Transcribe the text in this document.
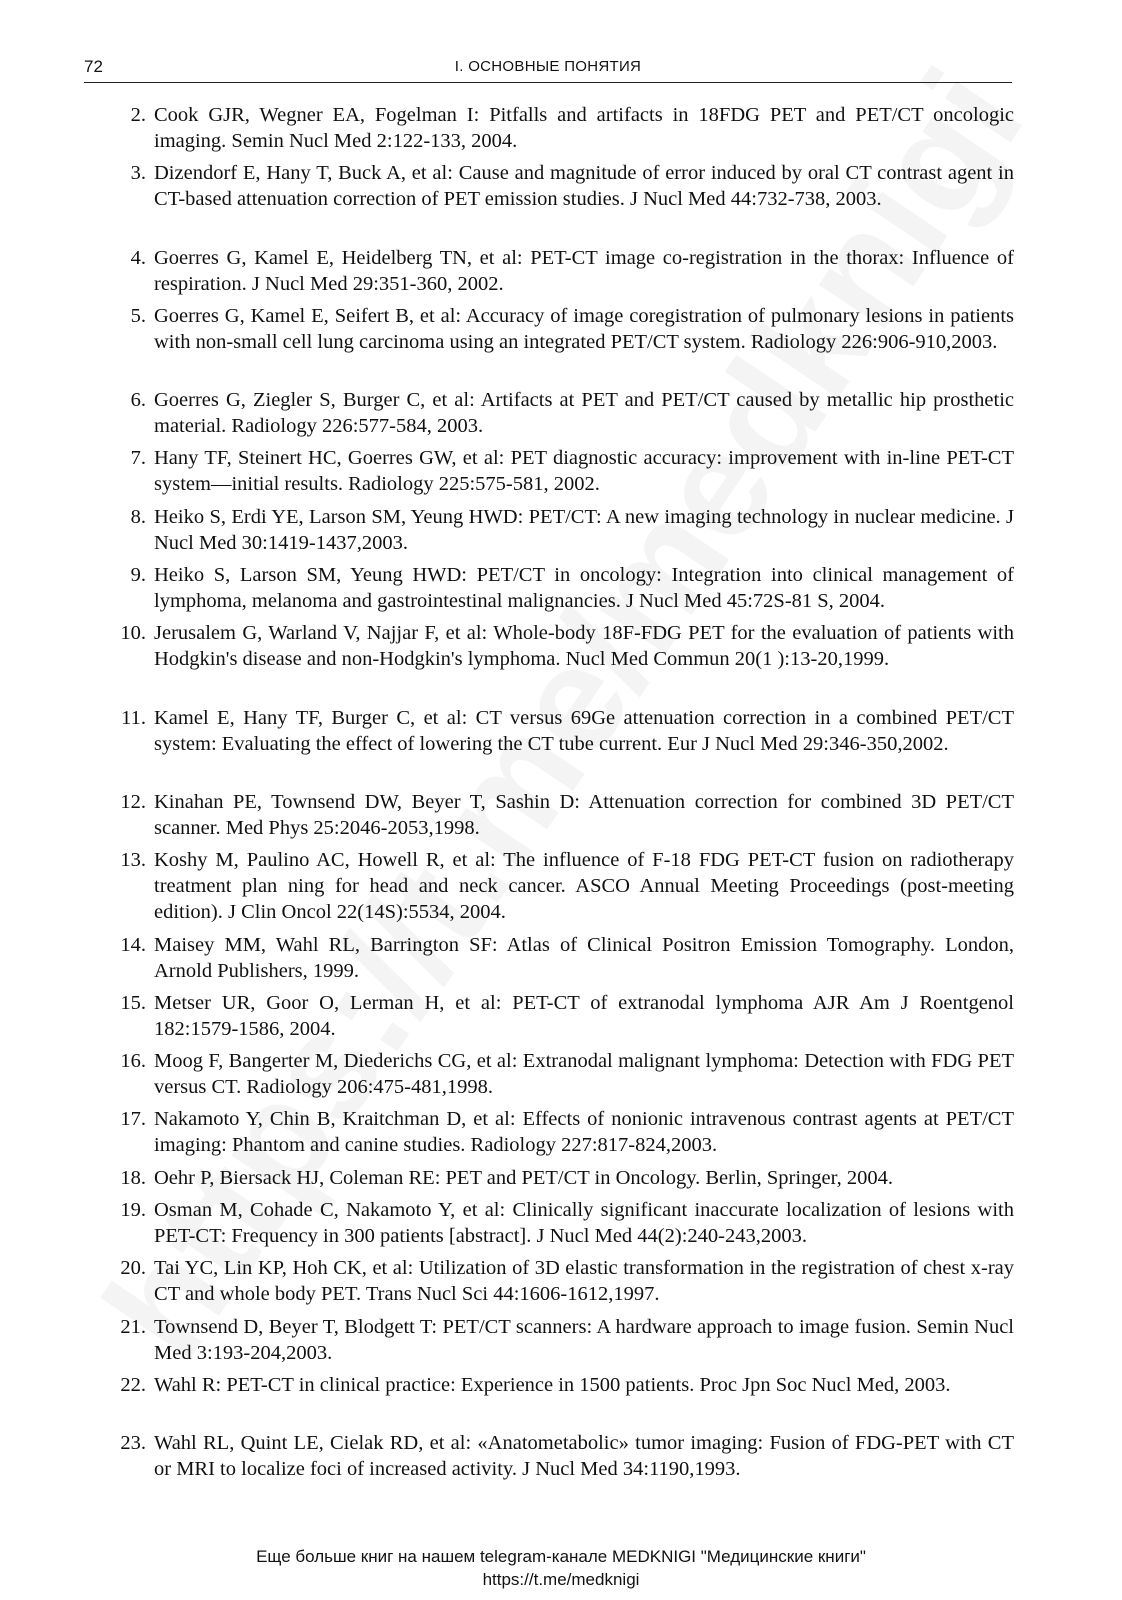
72	I. ОСНОВНЫЕ ПОНЯТИЯ
2. Cook GJR, Wegner EA, Fogelman I: Pitfalls and artifacts in 18FDG PET and PET/CT oncologic imaging. Semin Nucl Med 2:122-133, 2004.
3. Dizendorf E, Hany T, Buck A, et al: Cause and magnitude of error induced by oral CT contrast agent in CT-based attenuation correction of PET emission studies. J Nucl Med 44:732-738, 2003.
4. Goerres G, Kamel E, Heidelberg TN, et al: PET-CT image co-registration in the thorax: Influence of respiration. J Nucl Med 29:351-360, 2002.
5. Goerres G, Kamel E, Seifert B, et al: Accuracy of image coregistration of pulmonary lesions in patients with non-small cell lung carcinoma using an integrated PET/CT system. Radiology 226:906-910,2003.
6. Goerres G, Ziegler S, Burger C, et al: Artifacts at PET and PET/CT caused by metallic hip prosthetic material. Radiology 226:577-584, 2003.
7. Hany TF, Steinert HC, Goerres GW, et al: PET diagnostic accuracy: improvement with in-line PET-CT system—initial results. Radiology 225:575-581, 2002.
8. Heiko S, Erdi YE, Larson SM, Yeung HWD: PET/CT: A new imaging technology in nuclear medicine. J Nucl Med 30:1419-1437,2003.
9. Heiko S, Larson SM, Yeung HWD: PET/CT in oncology: Integration into clinical management of lymphoma, melanoma and gastrointestinal malignancies. J Nucl Med 45:72S-81 S, 2004.
10. Jerusalem G, Warland V, Najjar F, et al: Whole-body 18F-FDG PET for the evaluation of patients with Hodgkin's disease and non-Hodgkin's lymphoma. Nucl Med Commun 20(1 ):13-20,1999.
11. Kamel E, Hany TF, Burger C, et al: CT versus 69Ge attenuation correction in a combined PET/CT system: Evaluating the effect of lowering the CT tube current. Eur J Nucl Med 29:346-350,2002.
12. Kinahan PE, Townsend DW, Beyer T, Sashin D: Attenuation correction for combined 3D PET/CT scanner. Med Phys 25:2046-2053,1998.
13. Koshy M, Paulino AC, Howell R, et al: The influence of F-18 FDG PET-CT fusion on radiotherapy treatment plan ning for head and neck cancer. ASCO Annual Meeting Proceedings (post-meeting edition). J Clin Oncol 22(14S):5534, 2004.
14. Maisey MM, Wahl RL, Barrington SF: Atlas of Clinical Positron Emission Tomography. London, Arnold Publishers, 1999.
15. Metser UR, Goor O, Lerman H, et al: PET-CT of extranodal lymphoma AJR Am J Roentgenol 182:1579-1586, 2004.
16. Moog F, Bangerter M, Diederichs CG, et al: Extranodal malignant lymphoma: Detection with FDG PET versus CT. Radiology 206:475-481,1998.
17. Nakamoto Y, Chin B, Kraitchman D, et al: Effects of nonionic intravenous contrast agents at PET/CT imaging: Phantom and canine studies. Radiology 227:817-824,2003.
18. Oehr P, Biersack HJ, Coleman RE: PET and PET/CT in Oncology. Berlin, Springer, 2004.
19. Osman M, Cohade C, Nakamoto Y, et al: Clinically significant inaccurate localization of lesions with PET-CT: Frequency in 300 patients [abstract]. J Nucl Med 44(2):240-243,2003.
20. Tai YC, Lin KP, Hoh CK, et al: Utilization of 3D elastic transformation in the registration of chest x-ray CT and whole body PET. Trans Nucl Sci 44:1606-1612,1997.
21. Townsend D, Beyer T, Blodgett T: PET/CT scanners: A hardware approach to image fusion. Semin Nucl Med 3:193-204,2003.
22. Wahl R: PET-CT in clinical practice: Experience in 1500 patients. Proc Jpn Soc Nucl Med, 2003.
23. Wahl RL, Quint LE, Cielak RD, et al: «Anatometabolic» tumor imaging: Fusion of FDG-PET with CT or MRI to localize foci of increased activity. J Nucl Med 34:1190,1993.
Еще больше книг на нашем telegram-канале MEDKNIGI "Медицинские книги"
https://t.me/medknigi
